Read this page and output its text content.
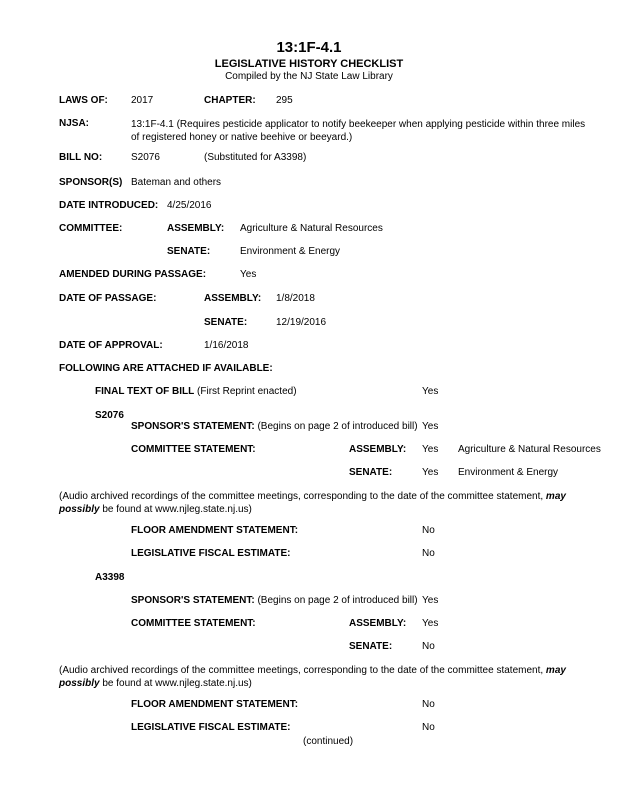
13:1F-4.1
LEGISLATIVE HISTORY CHECKLIST
Compiled by the NJ State Law Library
LAWS OF: 2017	CHAPTER: 295
NJSA:	13:1F-4.1 (Requires pesticide applicator to notify beekeeper when applying pesticide within three miles of registered honey or native beehive or beeyard.)
BILL NO:	S2076	(Substituted for A3398)
SPONSOR(S) Bateman and others
DATE INTRODUCED: 4/25/2016
COMMITTEE:	ASSEMBLY: Agriculture & Natural Resources
SENATE:	Environment & Energy
AMENDED DURING PASSAGE:	Yes
DATE OF PASSAGE:	ASSEMBLY: 1/8/2018
SENATE:	12/19/2016
DATE OF APPROVAL:	1/16/2018
FOLLOWING ARE ATTACHED IF AVAILABLE:
FINAL TEXT OF BILL (First Reprint enacted)	Yes
S2076
SPONSOR'S STATEMENT: (Begins on page 2 of introduced bill) Yes
COMMITTEE STATEMENT:	ASSEMBLY: Yes Agriculture & Natural Resources
SENATE:	Yes Environment & Energy
(Audio archived recordings of the committee meetings, corresponding to the date of the committee statement, may possibly be found at www.njleg.state.nj.us)
FLOOR AMENDMENT STATEMENT:	No
LEGISLATIVE FISCAL ESTIMATE:	No
A3398
SPONSOR'S STATEMENT: (Begins on page 2 of introduced bill) Yes
COMMITTEE STATEMENT:	ASSEMBLY: Yes
SENATE:	No
(Audio archived recordings of the committee meetings, corresponding to the date of the committee statement, may possibly be found at www.njleg.state.nj.us)
FLOOR AMENDMENT STATEMENT:	No
LEGISLATIVE FISCAL ESTIMATE:	No
(continued)
